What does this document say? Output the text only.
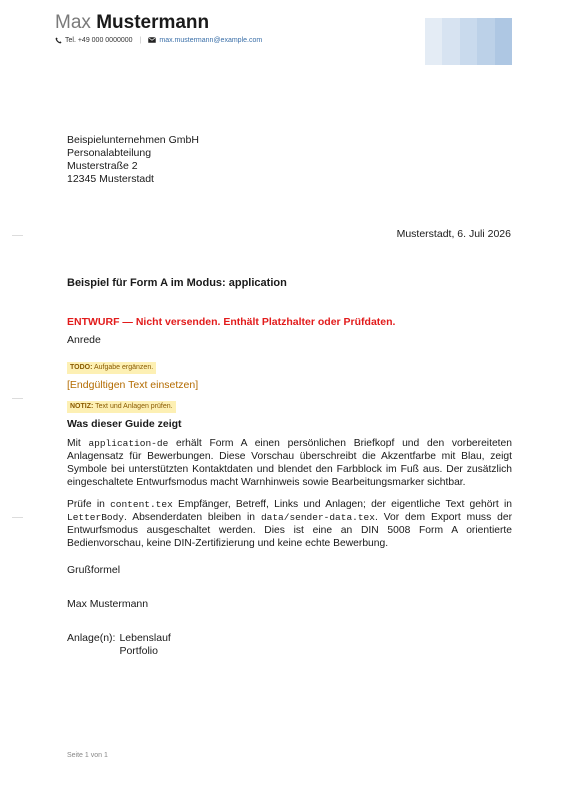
Max Mustermann
Tel. +49 000 0000000 |	max.mustermann@example.com
Beispielunternehmen GmbH
Personalabteilung
Musterstraße 2
12345 Musterstadt
Musterstadt, 6. Juli 2026
Beispiel für Form A im Modus: application
ENTWURF — Nicht versenden. Enthält Platzhalter oder Prüfdaten.
Anrede
TODO: Aufgabe ergänzen.
[Endgültigen Text einsetzen]
NOTIZ: Text und Anlagen prüfen.
Was dieser Guide zeigt
Mit application-de erhält Form A einen persönlichen Briefkopf und den vorbereiteten Anlagensatz für Bewerbungen. Diese Vorschau überschreibt die Akzentfarbe mit Blau, zeigt Symbole bei unterstützten Kontaktdaten und blendet den Farbblock im Fuß aus. Der zusätzlich eingeschaltete Entwurfsmodus macht Warnhinweis sowie Bearbeitungsmarker sichtbar.
Prüfe in content.tex Empfänger, Betreff, Links und Anlagen; der eigentliche Text gehört in LetterBody. Absenderdaten bleiben in data/sender-data.tex. Vor dem Export muss der Entwurfsmodus ausgeschaltet werden. Dies ist eine an DIN 5008 Form A orientierte Bedienvorschau, keine DIN-Zertifizierung und keine echte Bewerbung.
Grußformel
Max Mustermann
Anlage(n): Lebenslauf
Portfolio
Seite 1 von 1
